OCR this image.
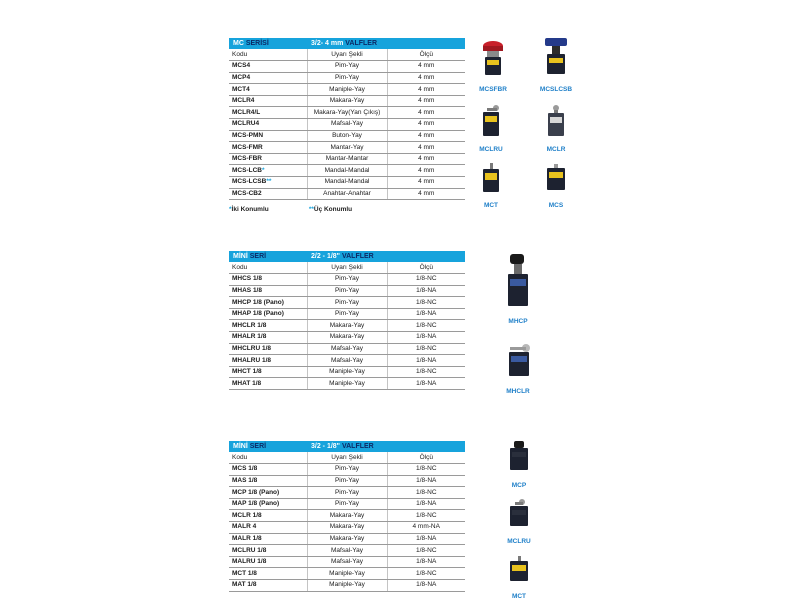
MC SERİSİ	3/2- 4 mm VALFLER
Kodu	Uyarı Şekli	Ölçü
MCS4	Pim-Yay	4 mm
MCP4	Pim-Yay	4 mm
MCT4	Maniple-Yay	4 mm
MCLR4	Makara-Yay	4 mm
MCLR4/L	Makara-Yay(Yan Çıkış)	4 mm
MCLRU4	Mafsal-Yay	4 mm
MCS-PMN	Buton-Yay	4 mm
MCS-FMR	Mantar-Yay	4 mm
MCS-FBR	Mantar-Mantar	4 mm
MCS-LCB*	Mandal-Mandal	4 mm
MCS-LCSB**	Mandal-Mandal	4 mm
MCS-CB2	Anahtar-Anahtar	4 mm
*İki Konumlu	**Üç Konumlu
MİNİ SERİ	2/2 - 1/8" VALFLER
Kodu	Uyarı Şekli	Ölçü
MHCS 1/8	Pim-Yay	1/8-NC
MHAS 1/8	Pim-Yay	1/8-NA
MHCP 1/8 (Pano)	Pim-Yay	1/8-NC
MHAP 1/8 (Pano)	Pim-Yay	1/8-NA
MHCLR 1/8	Makara-Yay	1/8-NC
MHALR 1/8	Makara-Yay	1/8-NA
MHCLRU 1/8	Mafsal-Yay	1/8-NC
MHALRU 1/8	Mafsal-Yay	1/8-NA
MHCT 1/8	Maniple-Yay	1/8-NC
MHAT 1/8	Maniple-Yay	1/8-NA
MİNİ SERİ	3/2 - 1/8" VALFLER
Kodu	Uyarı Şekli	Ölçü
MCS 1/8	Pim-Yay	1/8-NC
MAS 1/8	Pim-Yay	1/8-NA
MCP 1/8 (Pano)	Pim-Yay	1/8-NC
MAP 1/8 (Pano)	Pim-Yay	1/8-NA
MCLR 1/8	Makara-Yay	1/8-NC
MALR 4	Makara-Yay	4 mm-NA
MALR 1/8	Makara-Yay	1/8-NA
MCLRU 1/8	Mafsal-Yay	1/8-NC
MALRU 1/8	Mafsal-Yay	1/8-NA
MCT 1/8	Maniple-Yay	1/8-NC
MAT 1/8	Maniple-Yay	1/8-NA
MCSFBR	MCSLCSB
MCLRU	MCLR
MCT	MCS
MHCP
MHCLR
MCP
MCLRU
MCT
